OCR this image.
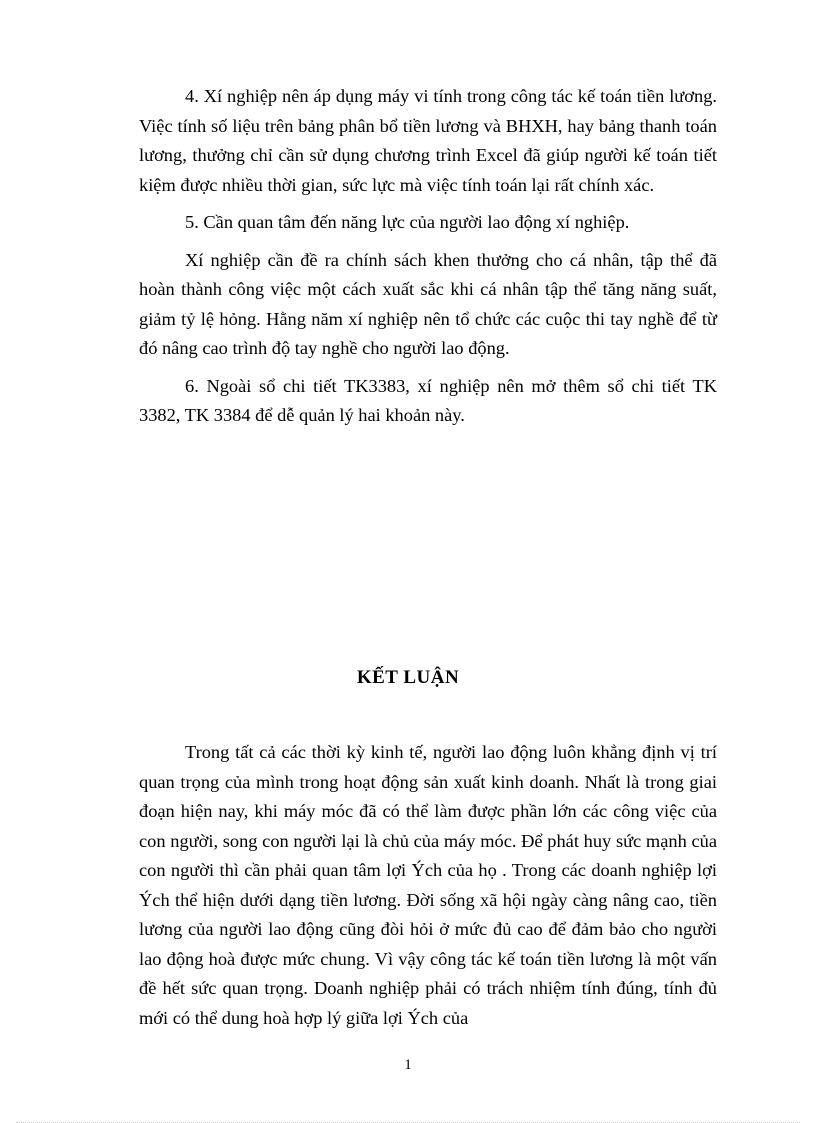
4. Xí nghiệp nên áp dụng máy vi tính trong công tác kế toán tiền lương. Việc tính số liệu trên bảng phân bổ tiền lương và BHXH, hay bảng thanh toán lương, thưởng chỉ cần sử dụng chương trình Excel đã giúp người kế toán tiết kiệm được nhiều thời gian, sức lực mà việc tính toán lại rất chính xác.

5. Cần quan tâm đến năng lực của người lao động xí nghiệp.

Xí nghiệp cần đề ra chính sách khen thưởng cho cá nhân, tập thể đã hoàn thành công việc một cách xuất sắc khi cá nhân tập thể tăng năng suất, giảm tỷ lệ hỏng. Hằng năm xí nghiệp nên tổ chức các cuộc thi tay nghề để từ đó nâng cao trình độ tay nghề cho người lao động.

6. Ngoài sổ chi tiết TK3383, xí nghiệp nên mở thêm sổ chi tiết TK 3382, TK 3384 để dễ quản lý hai khoản này.

KẾT LUẬN

Trong tất cả các thời kỳ kinh tế, người lao động luôn khẳng định vị trí quan trọng của mình trong hoạt động sản xuất kinh doanh. Nhất là trong giai đoạn hiện nay, khi máy móc đã có thể làm được phần lớn các công việc của con người, song con người lại là chủ của máy móc. Để phát huy sức mạnh của con người thì cần phải quan tâm lợi Ých của họ . Trong các doanh nghiệp lợi Ých thể hiện dưới dạng tiền lương. Đời sống xã hội ngày càng nâng cao, tiền lương của người lao động cũng đòi hỏi ở mức đủ cao để đảm bảo cho người lao động hoà được mức chung. Vì vậy công tác kế toán tiền lương là một vấn đề hết sức quan trọng. Doanh nghiệp phải có trách nhiệm tính đúng, tính đủ mới có thể dung hoà hợp lý giữa lợi Ých của

1
